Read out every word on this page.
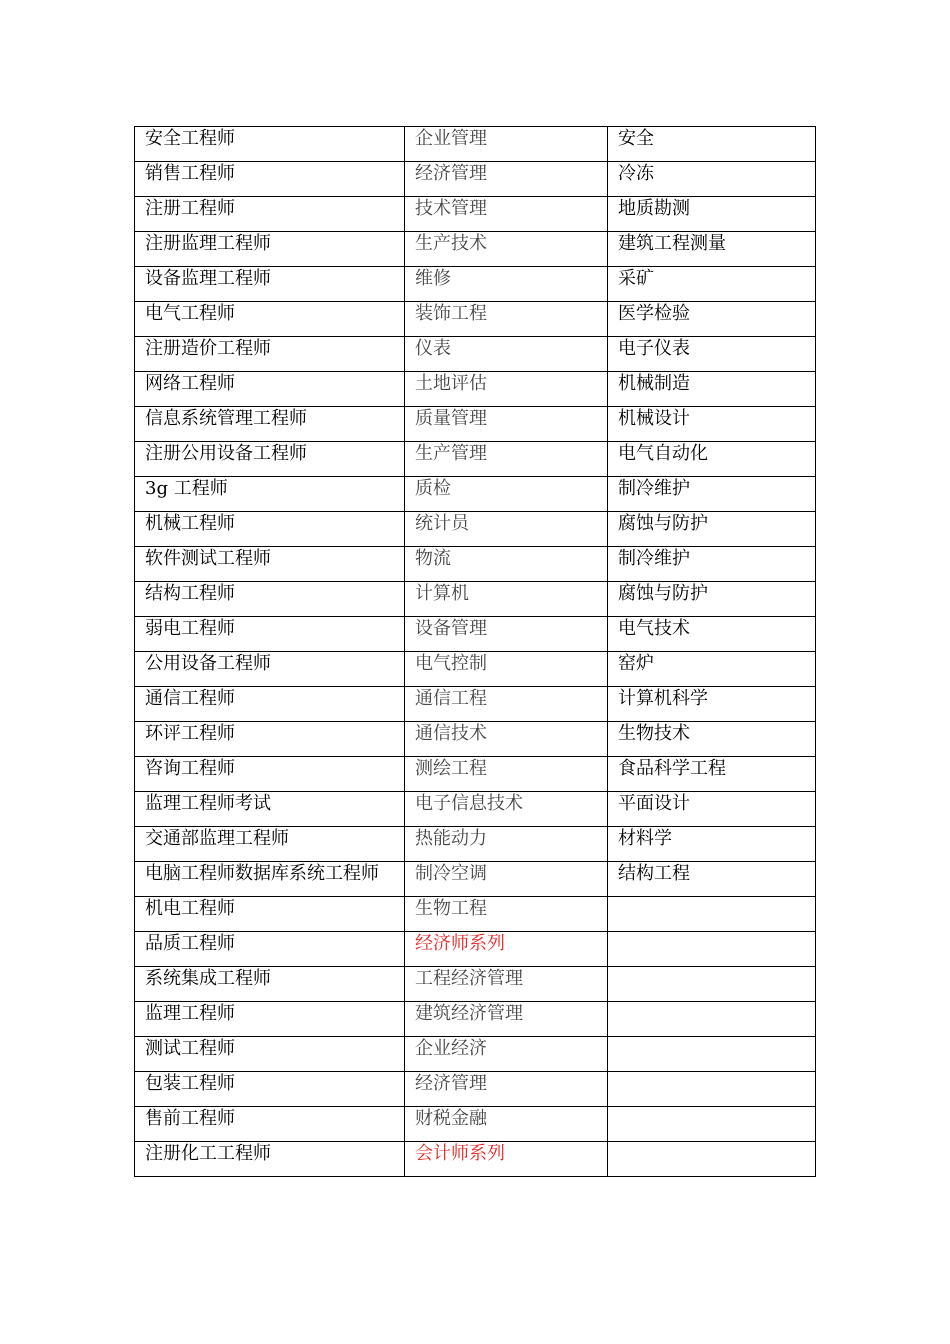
安全工程师	企业管理	安全
销售工程师	经济管理	冷冻
注册工程师	技术管理	地质勘测
注册监理工程师	生产技术	建筑工程测量
设备监理工程师	维修	采矿
电气工程师	装饰工程	医学检验
注册造价工程师	仪表	电子仪表
网络工程师	土地评估	机械制造
信息系统管理工程师	质量管理	机械设计
注册公用设备工程师	生产管理	电气自动化
3g 工程师	质检	制冷维护
机械工程师	统计员	腐蚀与防护
软件测试工程师	物流	制冷维护
结构工程师	计算机	腐蚀与防护
弱电工程师	设备管理	电气技术
公用设备工程师	电气控制	窑炉
通信工程师	通信工程	计算机科学
环评工程师	通信技术	生物技术
咨询工程师	测绘工程	食品科学工程
监理工程师考试	电子信息技术	平面设计
交通部监理工程师	热能动力	材料学
电脑工程师数据库系统工程师	制冷空调	结构工程
机电工程师	生物工程	
品质工程师	经济师系列	
系统集成工程师	工程经济管理	
监理工程师	建筑经济管理	
测试工程师	企业经济	
包装工程师	经济管理	
售前工程师	财税金融	
注册化工工程师	会计师系列	
